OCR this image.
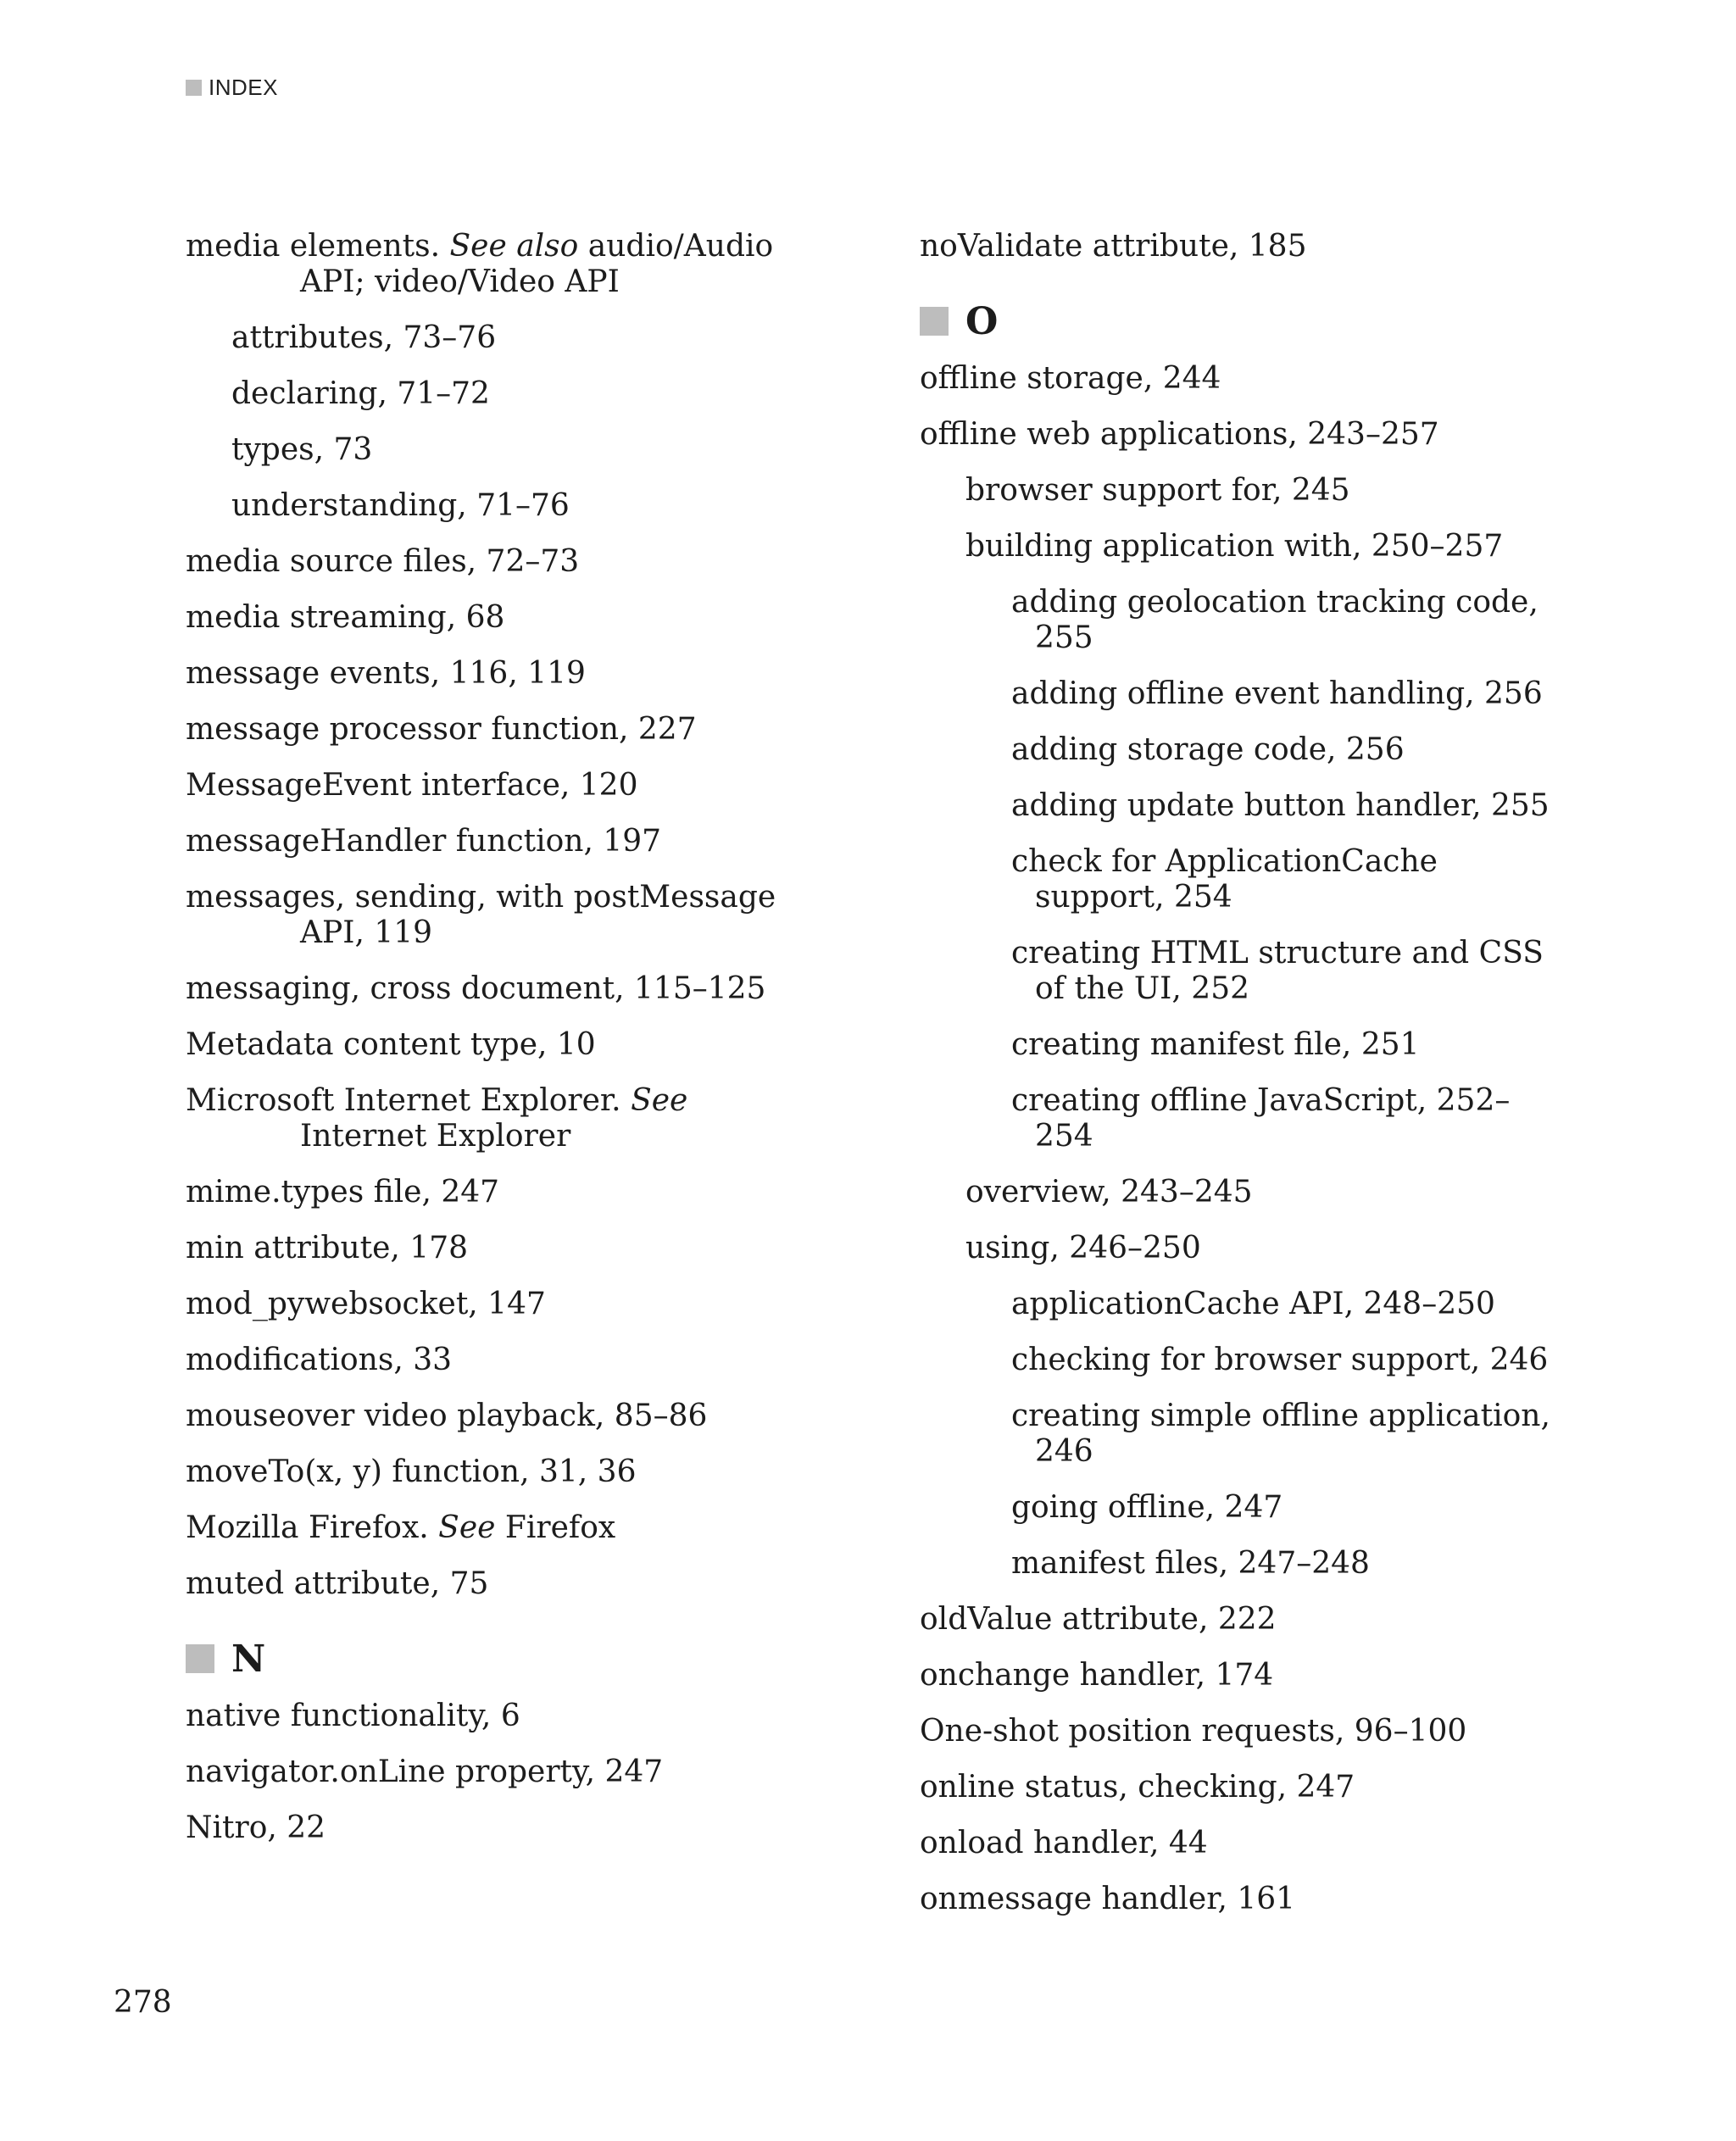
INDEX
media elements. See also audio/Audio API; video/Video API
attributes, 73–76
declaring, 71–72
types, 73
understanding, 71–76
media source files, 72–73
media streaming, 68
message events, 116, 119
message processor function, 227
MessageEvent interface, 120
messageHandler function, 197
messages, sending, with postMessage API, 119
messaging, cross document, 115–125
Metadata content type, 10
Microsoft Internet Explorer. See Internet Explorer
mime.types file, 247
min attribute, 178
mod_pywebsocket, 147
modifications, 33
mouseover video playback, 85–86
moveTo(x, y) function, 31, 36
Mozilla Firefox. See Firefox
muted attribute, 75
N
native functionality, 6
navigator.onLine property, 247
Nitro, 22
noValidate attribute, 185
O
offline storage, 244
offline web applications, 243–257
browser support for, 245
building application with, 250–257
adding geolocation tracking code, 255
adding offline event handling, 256
adding storage code, 256
adding update button handler, 255
check for ApplicationCache support, 254
creating HTML structure and CSS of the UI, 252
creating manifest file, 251
creating offline JavaScript, 252–254
overview, 243–245
using, 246–250
applicationCache API, 248–250
checking for browser support, 246
creating simple offline application, 246
going offline, 247
manifest files, 247–248
oldValue attribute, 222
onchange handler, 174
One-shot position requests, 96–100
online status, checking, 247
onload handler, 44
onmessage handler, 161
278
